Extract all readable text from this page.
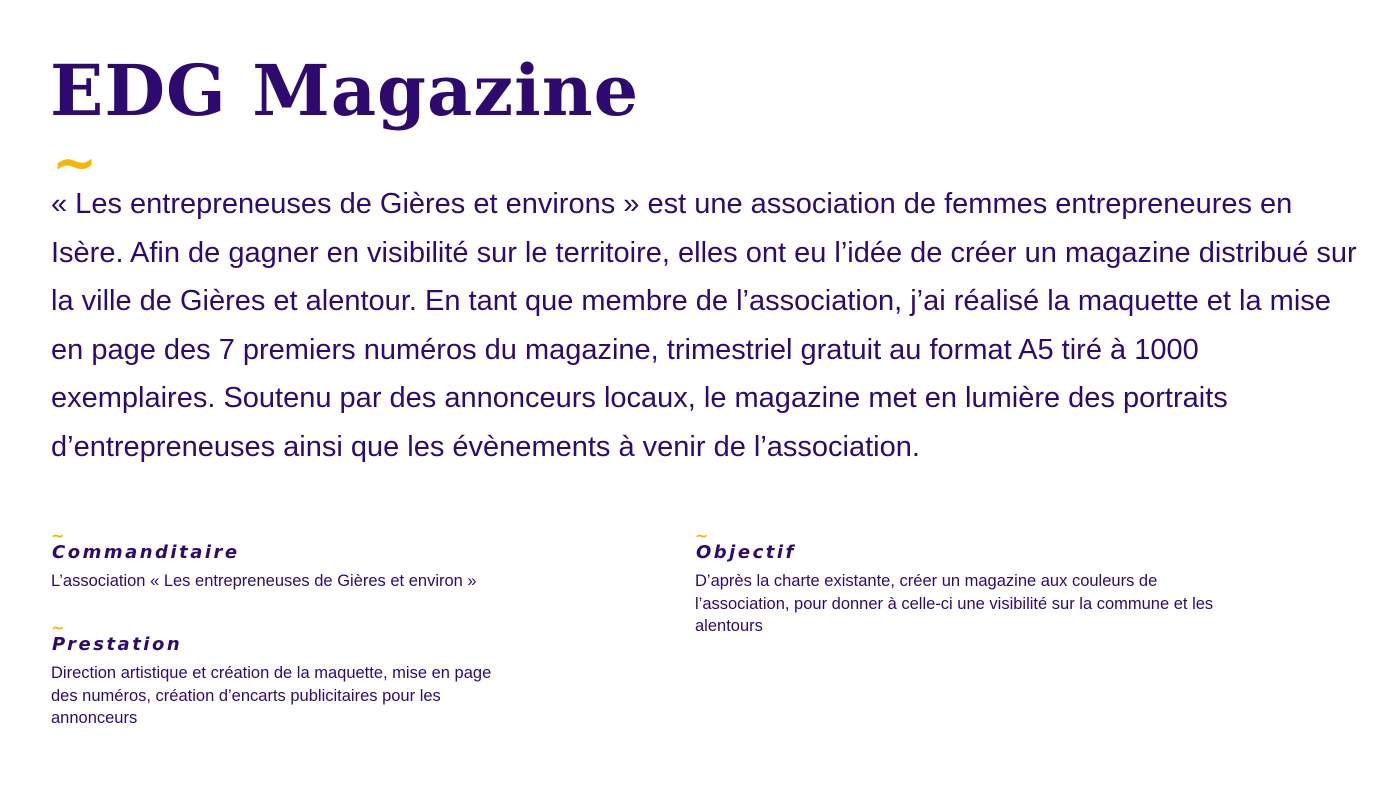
EDG Magazine
~

« Les entrepreneuses de Gières et environs » est une association de femmes entrepreneures en Isère. Afin de gagner en visibilité sur le territoire, elles ont eu l’idée de créer un magazine distribué sur la ville de Gières et alentour. En tant que membre de l’association, j’ai réalisé la maquette et la mise en page des 7 premiers numéros du magazine, trimestriel gratuit au format A5 tiré à 1000 exemplaires. Soutenu par des annonceurs locaux, le magazine met en lumière des portraits d’entrepreneuses ainsi que les évènements à venir de l’association.

~
Commanditaire

L’association « Les entrepreneuses de Gières et environ »

~
Prestation

Direction artistique et création de la maquette, mise en page des numéros, création d’encarts publicitaires pour les annonceurs

~
Objectif

D’après la charte existante, créer un magazine aux couleurs de l’association, pour donner à celle-ci une visibilité sur la commune et les alentours
